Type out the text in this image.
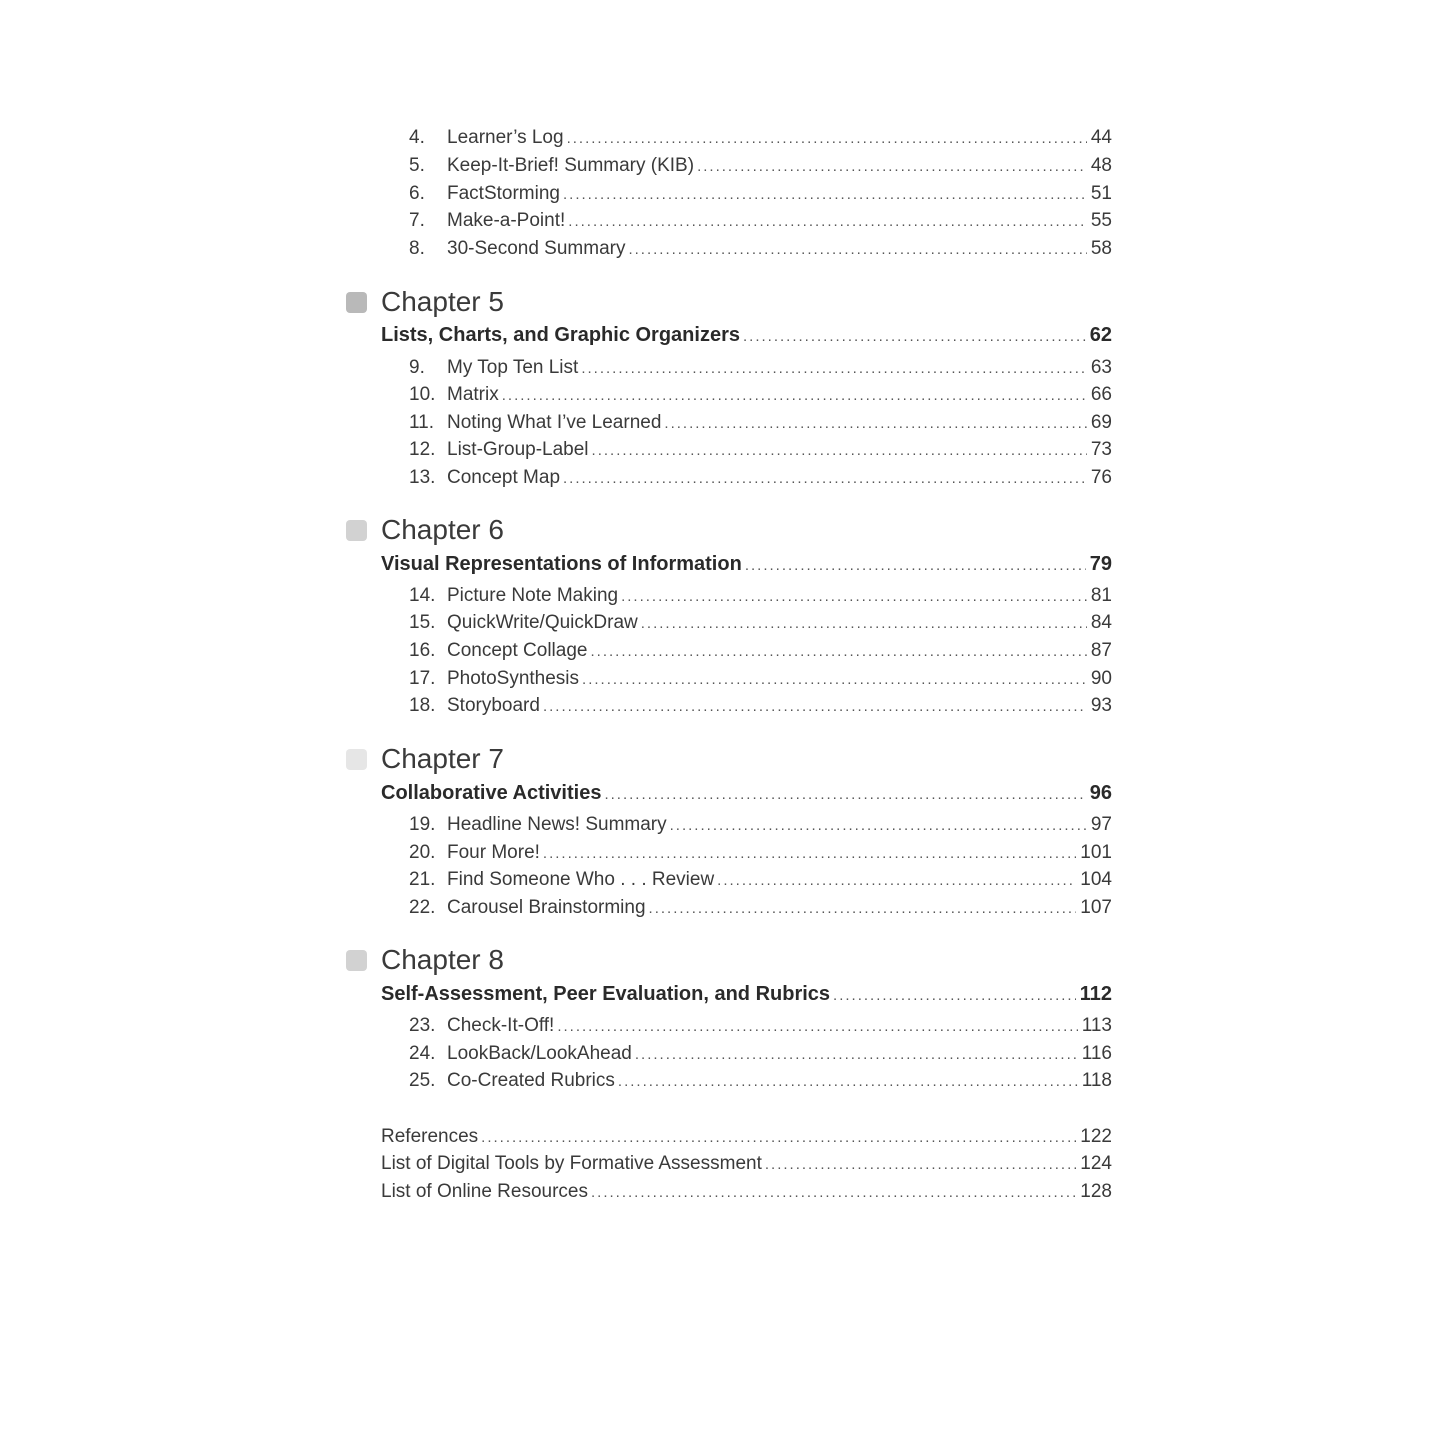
4.	Learner’s Log .....	44
5.	Keep-It-Brief! Summary (KIB) .....	48
6.	FactStorming .....	51
7.	Make-a-Point! .....	55
8.	30-Second Summary .....	58
Chapter 5
Lists, Charts, and Graphic Organizers .....	62
9.	My Top Ten List .....	63
10. Matrix .....	66
11. Noting What I’ve Learned .....	69
12. List-Group-Label .....	73
13. Concept Map .....	76
Chapter 6
Visual Representations of Information .....	79
14. Picture Note Making .....	81
15. QuickWrite/QuickDraw .....	84
16. Concept Collage .....	87
17. PhotoSynthesis .....	90
18. Storyboard .....	93
Chapter 7
Collaborative Activities .....	96
19. Headline News! Summary .....	97
20. Four More! .....	101
21. Find Someone Who . . . Review .....	104
22. Carousel Brainstorming .....	107
Chapter 8
Self-Assessment, Peer Evaluation, and Rubrics .....	112
23. Check-It-Off! .....	113
24. LookBack/LookAhead .....	116
25. Co-Created Rubrics .....	118
References .....	122
List of Digital Tools by Formative Assessment .....	124
List of Online Resources .....	128
